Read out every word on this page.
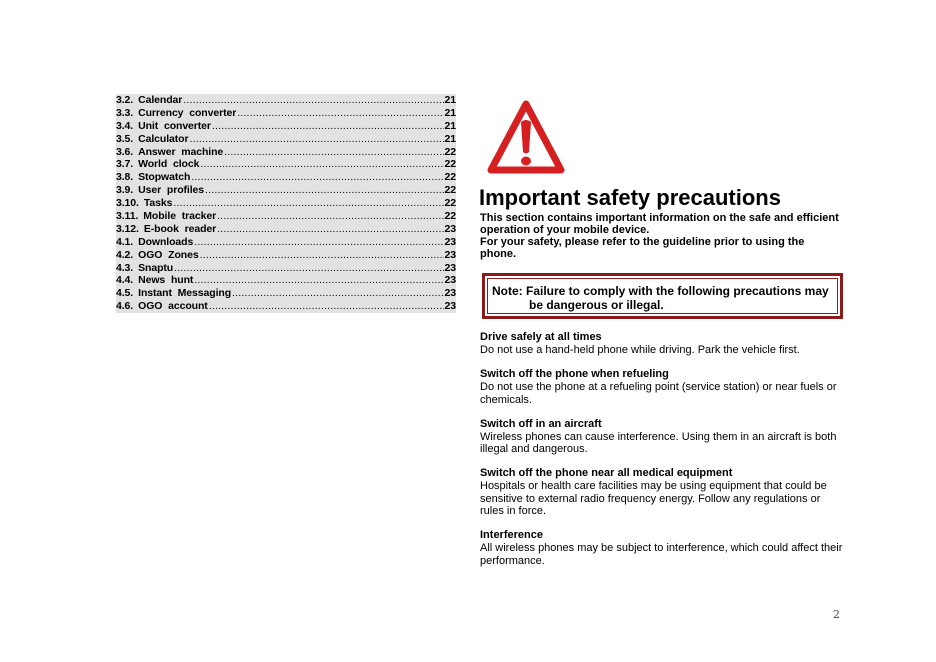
3.2. Calendar .....	21
3.3. Currency converter .....	21
3.4. Unit converter .....	21
3.5. Calculator .....	21
3.6. Answer machine .....	22
3.7. World clock .....	22
3.8. Stopwatch .....	22
3.9. User profiles .....	22
3.10. Tasks .....	22
3.11. Mobile tracker .....	22
3.12. E-book reader .....	23
4.1. Downloads .....	23
4.2. OGO Zones .....	23
4.3. Snaptu .....	23
4.4. News hunt .....	23
4.5. Instant Messaging .....	23
4.6. OGO account .....	23
Important safety precautions
This section contains important information on the safe and efficient operation of your mobile device.
For your safety, please refer to the guideline prior to using the phone.
Note: Failure to comply with the following precautions may
be dangerous or illegal.
Drive safely at all times
Do not use a hand-held phone while driving. Park the vehicle first.
Switch off the phone when refueling
Do not use the phone at a refueling point (service station) or near fuels or chemicals.
Switch off in an aircraft
Wireless phones can cause interference. Using them in an aircraft is both illegal and dangerous.
Switch off the phone near all medical equipment
Hospitals or health care facilities may be using equipment that could be sensitive to external radio frequency energy. Follow any regulations or rules in force.
Interference
All wireless phones may be subject to interference, which could affect their performance.
2
